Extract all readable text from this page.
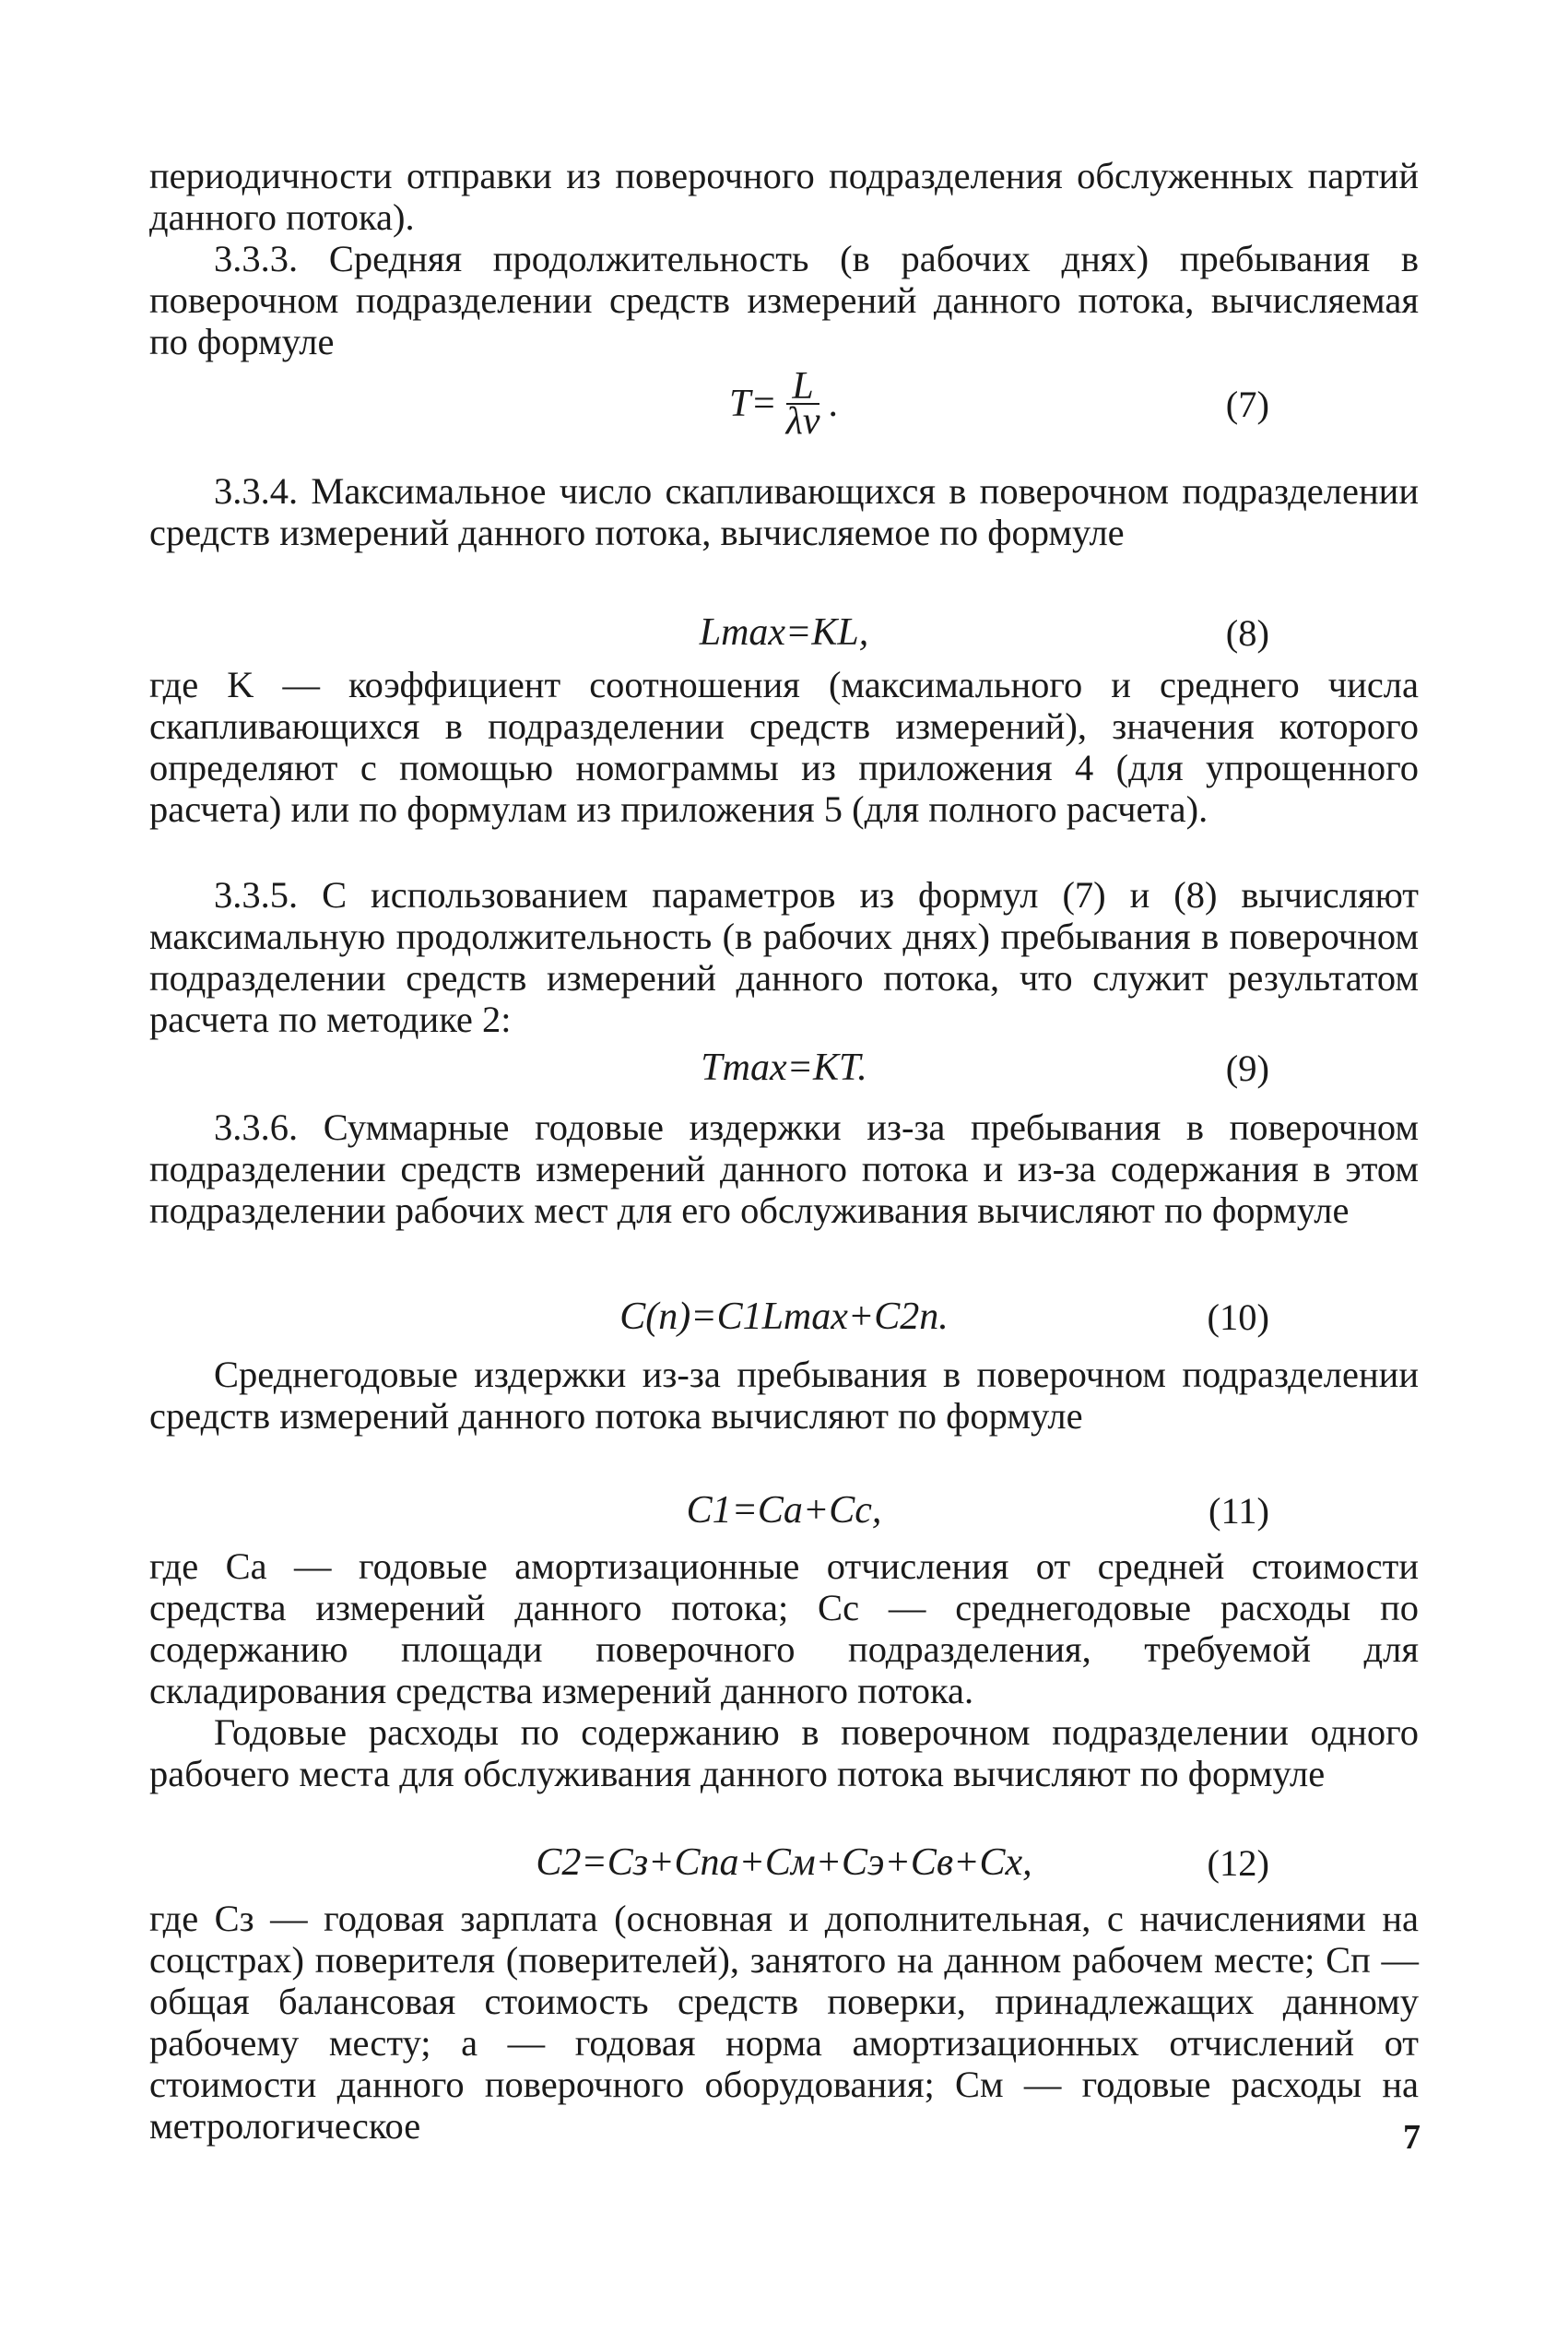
периодичности отправки из поверочного подразделения обслуженных партий данного потока).

3.3.3. Средняя продолжительность (в рабочих днях) пребывания в поверочном подразделении средств измерений данного потока, вычисляемая по формуле

$T= \frac{L}{\lambda\nu}$ .	(7)

3.3.4. Максимальное число скапливающихся в поверочном подразделении средств измерений данного потока, вычисляемое по формуле

Lmax=KL,	(8)

где K — коэффициент соотношения (максимального и среднего числа скапливающихся в подразделении средств измерений), значения которого определяют с помощью номограммы из приложения 4 (для упрощенного расчета) или по формулам из приложения 5 (для полного расчета).

3.3.5. С использованием параметров из формул (7) и (8) вычисляют максимальную продолжительность (в рабочих днях) пребывания в поверочном подразделении средств измерений данного потока, что служит результатом расчета по методике 2:

Tmax=KT.	(9)

3.3.6. Суммарные годовые издержки из-за пребывания в поверочном подразделении средств измерений данного потока и из-за содержания в этом подразделении рабочих мест для его обслуживания вычисляют по формуле

C(n)=C1Lmax+C2n.	(10)

Среднегодовые издержки из-за пребывания в поверочном подразделении средств измерений данного потока вычисляют по формуле

C1=Cа+Cс,	(11)

где Cа — годовые амортизационные отчисления от средней стоимости средства измерений данного потока; Cс — среднегодовые расходы по содержанию площади поверочного подразделения, требуемой для складирования средства измерений данного потока.

Годовые расходы по содержанию в поверочном подразделении одного рабочего места для обслуживания данного потока вычисляют по формуле

C2=Cз+Cпa+Cм+Cэ+Cв+Cх,	(12)

где Cз — годовая зарплата (основная и дополнительная, с начислениями на соцстрах) поверителя (поверителей), занятого на данном рабочем месте; Cп — общая балансовая стоимость средств поверки, принадлежащих данному рабочему месту; a — годовая норма амортизационных отчислений от стоимости данного поверочного оборудования; Cм — годовые расходы на метрологическое	7
